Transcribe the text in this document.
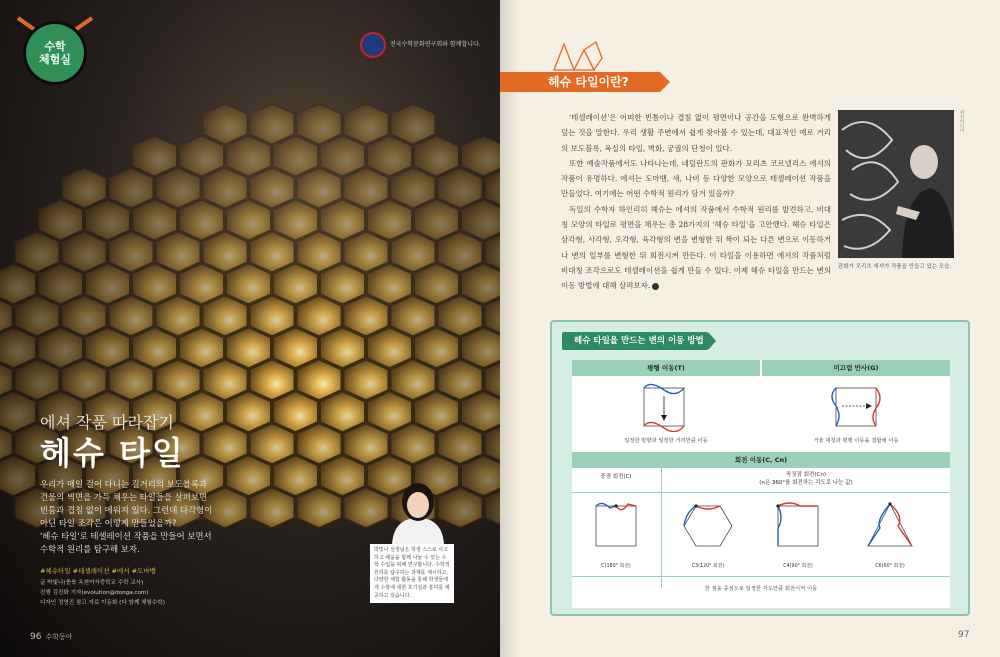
수학
체험실
전국수학문화연구회와 함께합니다.
에셔 작품 따라잡기
헤슈 타일

우리가 매일 걸어 다니는 길거리의 보도블록과

건물의 벽면을 가득 채우는 타일들을 살펴보면

빈틈과 겹침 없이 메워져 있다. 그런데 다각형이

아닌 타일 조각은 어떻게 만들었을까?

'헤슈 타일'로 테셀레이션 작품을 만들어 보면서

수학적 원리를 탐구해 보자.

#헤슈타일 #테셀레이션 #에셔 #도마뱀
글 박빛나(충북 옥천여자중학교 수학 교사)
진행 김진화 기자(evolution@donga.com)
디자인 정영진 참고 자료 이동화 (다 함께 체험수학)
박빛나 선생님은 학생 스스로 사고하고 배움을 함께 나눌 수 있는 수학 수업을 위해 연구합니다. 수학적 원리를 탐구하는 과제를 제시하고, 다양한 체험 활동을 통해 학생들에게 수학에 대한 호기심과 흥미를 제공하고 있습니다.
96 수학동아
헤슈 타일이란?

'테셀레이션'은 어떠한 빈틈이나 겹침 없이 평면이나 공간을 도형으로 완벽하게 덮는 것을 말한다. 우리 생활 주변에서 쉽게 찾아볼 수 있는데, 대표적인 예로 거리의 보도블록, 욕실의 타일, 벽화, 궁궐의 단청이 있다.

또한 예술작품에서도 나타나는데, 네덜란드의 판화가 모리츠 코르넬리스 에셔의 작품이 유명하다. 에셔는 도마뱀, 새, 나비 등 다양한 모양으로 테셀레이션 작품을 만들었다. 여기에는 어떤 수학적 원리가 담겨 있을까?

독일의 수학자 하인리히 헤슈는 에셔의 작품에서 수학적 원리를 발견하고, 비대칭 모양의 타일로 평면을 채우는 총 28가지의 '헤슈 타일'을 고안했다. 헤슈 타일은 삼각형, 사각형, 오각형, 육각형의 변을 변형한 뒤 짝이 되는 다른 변으로 이동하거나 변의 일부를 변형한 뒤 회전시켜 만든다. 이 타일을 이용하면 에셔의 작품처럼 비대칭 조각으로도 테셀레이션을 쉽게 만들 수 있다. 이제 헤슈 타일을 만드는 변의 이동 방법에 대해 살펴보자.

위키미디어
판화가 모리츠 에셔가 작품을 만들고 있는 모습.
헤슈 타일을 만드는 변의 이동 방법
평행 이동(T)	미끄럼 반사(G)
일정한 방향과 일정한 거리만큼 이동	거울 대칭과 평행 이동을 결합해 이동
회전 이동(C, Cn)
중점 회전(C)	꼭짓점 회전(Cn)
(n은 360°를 회전하는 각도로 나눈 값)
C(180° 회전)	C3(120° 회전)	C4(90° 회전)	C6(60° 회전)
한 점을 중심으로 일정한 각도만큼 회전시켜 이동
97
